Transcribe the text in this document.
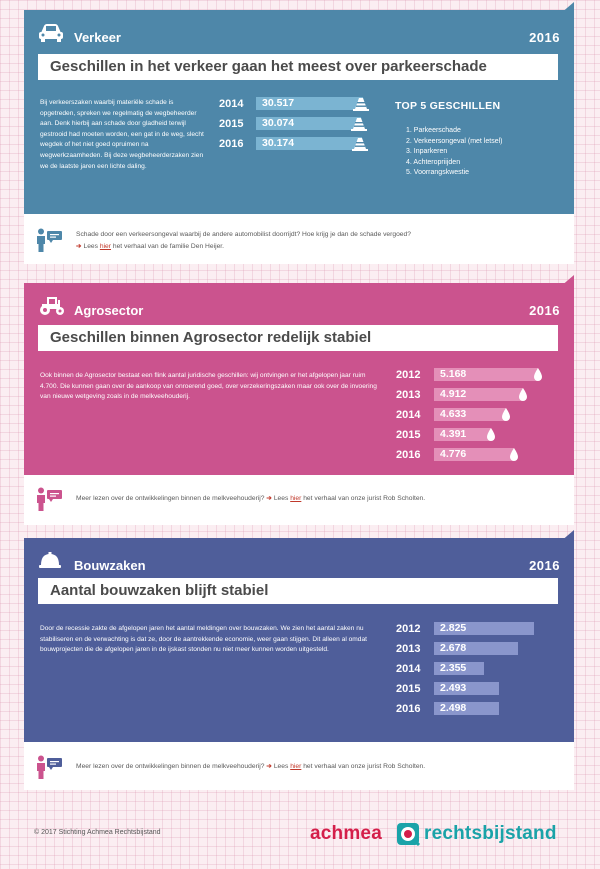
Verkeer	2016
Geschillen in het verkeer gaan het meest over parkeerschade

Bij verkeerszaken waarbij materiële schade is opgetreden, spreken we regelmatig de wegbeheerder aan. Denk hierbij aan schade door gladheid terwijl gestrooid had moeten worden, een gat in de weg, slecht wegdek of het niet goed opruimen na wegwerkzaamheden. Bij deze wegbeheerderzaken zien we de laatste jaren een lichte daling.

TOP 5 GESCHILLEN
1. Parkeerschade
2. Verkeersongeval (met letsel)
3. Inparkeren
4. Achteropriijden
5. Voorrangskwestie
2014 30.517
2015 30.074
2016 30.174
Schade door een verkeersongeval waarbij de andere automobilist doorrijdt? Hoe krijg je dan de schade vergoed?
➔ Lees hier het verhaal van de familie Den Heijer.
Agrosector	2016
Geschillen binnen Agrosector redelijk stabiel

Ook binnen de Agrosector bestaat een flink aantal juridische geschillen: wij ontvingen er het afgelopen jaar ruim 4.700. Die kunnen gaan over de aankoop van onroerend goed, over verzekeringszaken maar ook over de invoering van nieuwe wetgeving zoals in de melkveehouderij.

2012 5.168
2013 4.912
2014 4.633
2015 4.391
2016 4.776
Meer lezen over de ontwikkelingen binnen de melkveehouderij? ➔ Lees hier het verhaal van onze jurist Rob Scholten.
Bouwzaken	2016
Aantal bouwzaken blijft stabiel

Door de recessie zakte de afgelopen jaren het aantal meldingen over bouwzaken. We zien het aantal zaken nu stabiliseren en de verwachting is dat ze, door de aantrekkende economie, weer gaan stijgen. Dit alleen al omdat bouwprojecten die de afgelopen jaren in de ijskast stonden nu niet meer kunnen worden uitgesteld.

2012 2.825
2013 2.678
2014 2.355
2015 2.493
2016 2.498
Meer lezen over de ontwikkelingen binnen de melkveehouderij? ➔ Lees hier het verhaal van onze jurist Rob Scholten.
© 2017 Stichting Achmea Rechtsbijstand	achmea rechtsbijstand
